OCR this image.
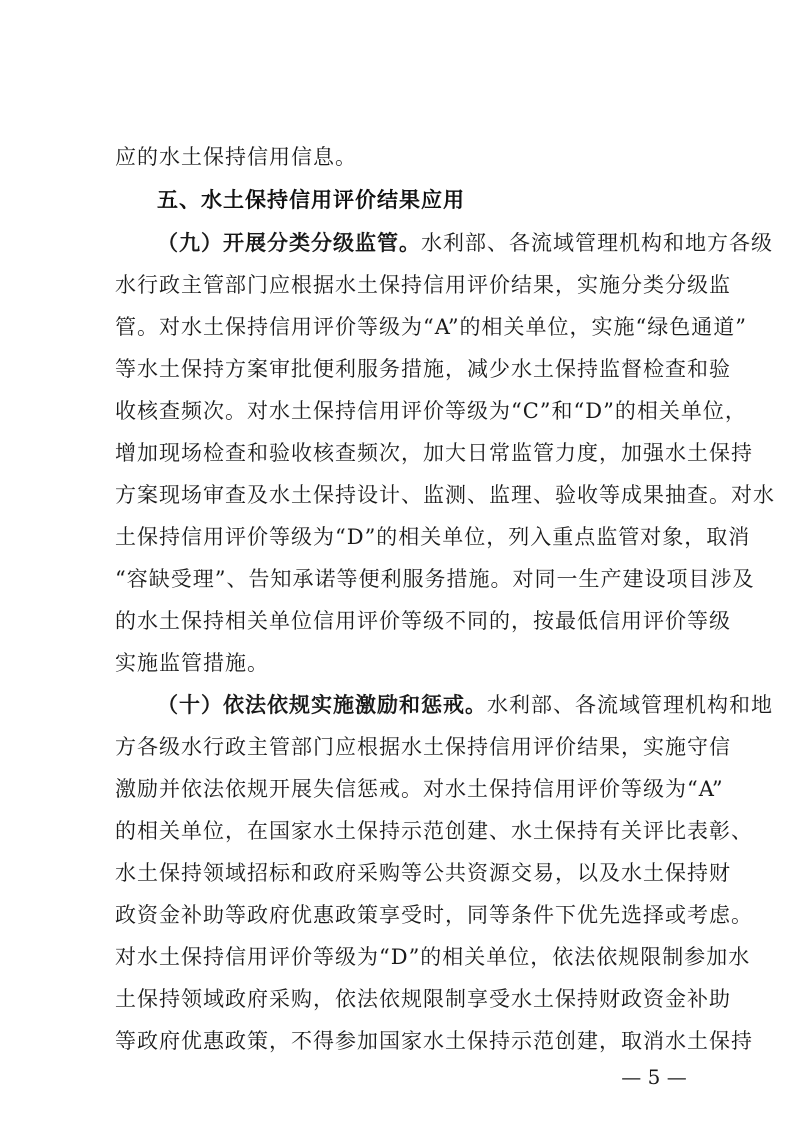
应的水土保持信用信息。
五、水土保持信用评价结果应用
（九）开展分类分级监管。水利部、各流域管理机构和地方各级
水行政主管部门应根据水土保持信用评价结果，实施分类分级监
管。对水土保持信用评价等级为“A”的相关单位，实施“绿色通道”
等水土保持方案审批便利服务措施，减少水土保持监督检查和验
收核查频次。对水土保持信用评价等级为“C”和“D”的相关单位，
增加现场检查和验收核查频次，加大日常监管力度，加强水土保持
方案现场审查及水土保持设计、监测、监理、验收等成果抽查。对水
土保持信用评价等级为“D”的相关单位，列入重点监管对象，取消
“容缺受理”、告知承诺等便利服务措施。对同一生产建设项目涉及
的水土保持相关单位信用评价等级不同的，按最低信用评价等级
实施监管措施。
（十）依法依规实施激励和惩戒。水利部、各流域管理机构和地
方各级水行政主管部门应根据水土保持信用评价结果，实施守信
激励并依法依规开展失信惩戒。对水土保持信用评价等级为“A”
的相关单位，在国家水土保持示范创建、水土保持有关评比表彰、
水土保持领域招标和政府采购等公共资源交易，以及水土保持财
政资金补助等政府优惠政策享受时，同等条件下优先选择或考虑。
对水土保持信用评价等级为“D”的相关单位，依法依规限制参加水
土保持领域政府采购，依法依规限制享受水土保持财政资金补助
等政府优惠政策，不得参加国家水土保持示范创建，取消水土保持
— 5 —
